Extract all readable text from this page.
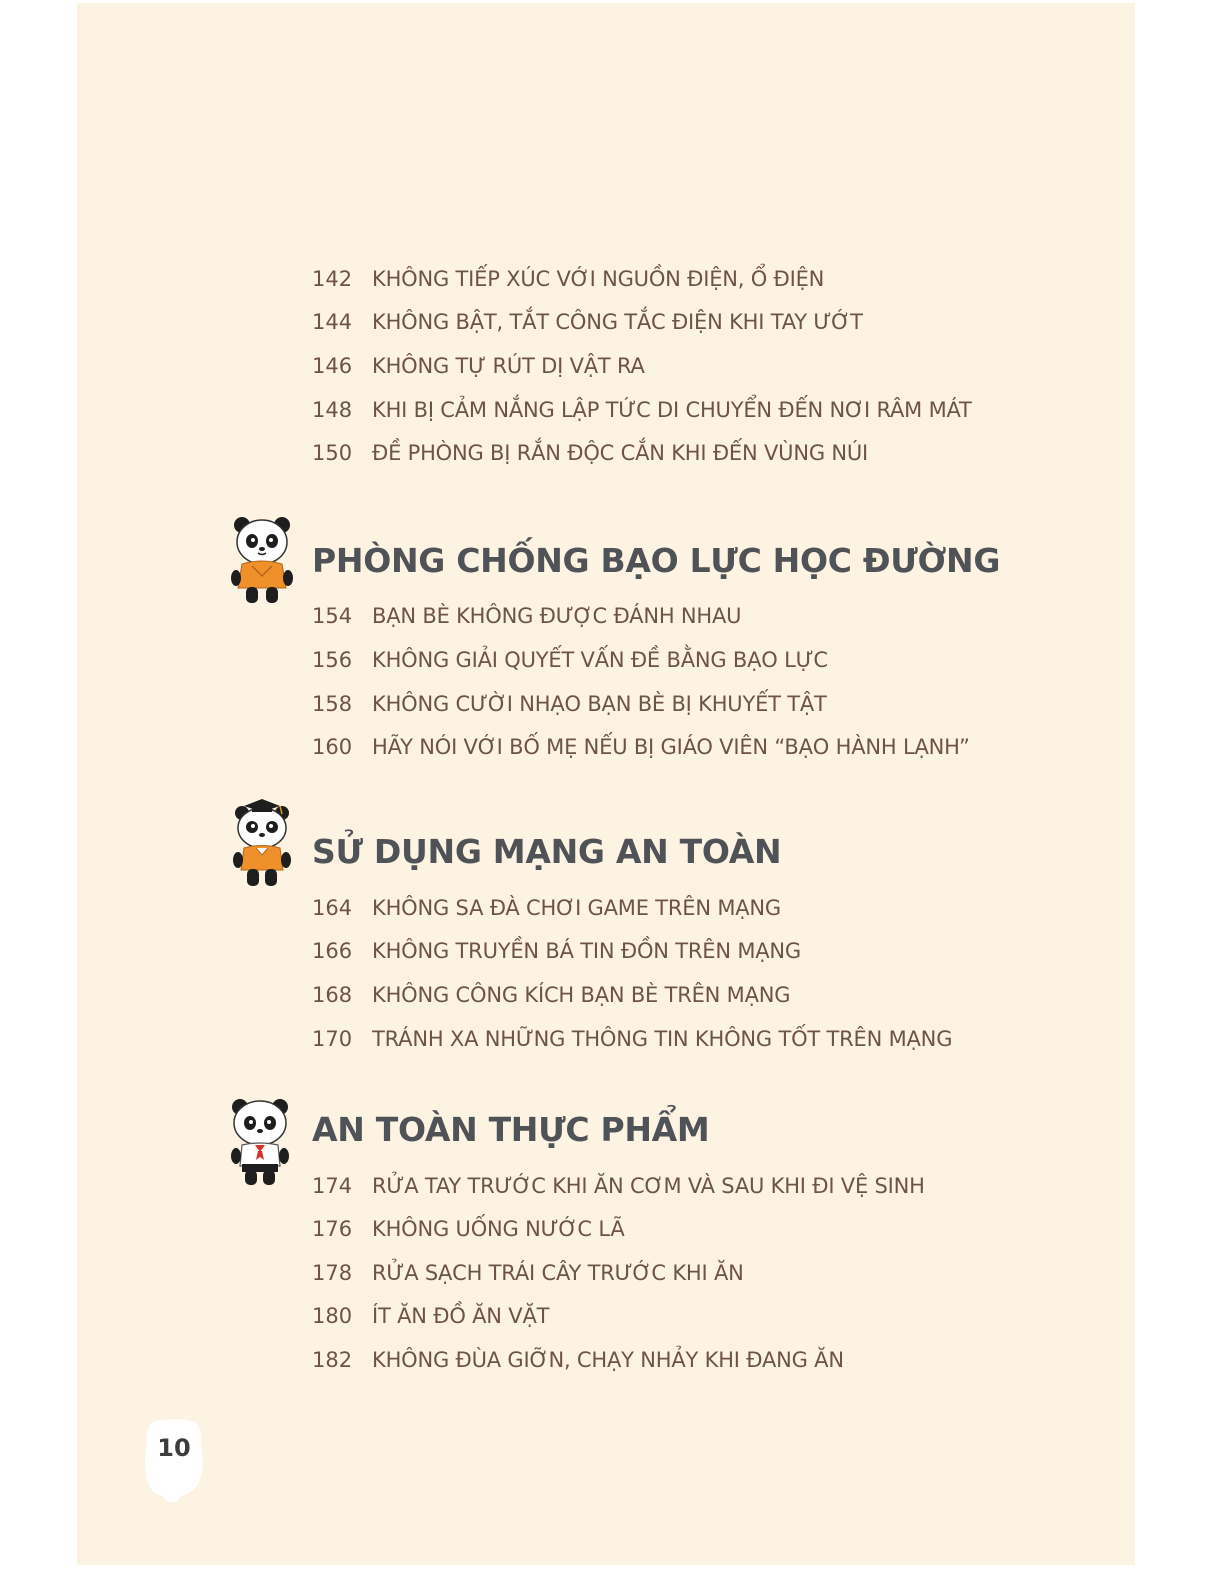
142 KHÔNG TIẾP XÚC VỚI NGUỒN ĐIỆN, Ổ ĐIỆN
144 KHÔNG BẬT, TẮT CÔNG TẮC ĐIỆN KHI TAY ƯỚT
146 KHÔNG TỰ RÚT DỊ VẬT RA
148 KHI BỊ CẢM NẮNG LẬP TỨC DI CHUYỂN ĐẾN NƠI RÂM MÁT
150 ĐỀ PHÒNG BỊ RẮN ĐỘC CẮN KHI ĐẾN VÙNG NÚI
PHÒNG CHỐNG BẠO LỰC HỌC ĐƯỜNG
154 BẠN BÈ KHÔNG ĐƯỢC ĐÁNH NHAU
156 KHÔNG GIẢI QUYẾT VẤN ĐỀ BẰNG BẠO LỰC
158 KHÔNG CƯỜI NHẠO BẠN BÈ BỊ KHUYẾT TẬT
160 HÃY NÓI VỚI BỐ MẸ NẾU BỊ GIÁO VIÊN “BẠO HÀNH LẠNH”
SỬ DỤNG MẠNG AN TOÀN
164 KHÔNG SA ĐÀ CHƠI GAME TRÊN MẠNG
166 KHÔNG TRUYỀN BÁ TIN ĐỒN TRÊN MẠNG
168 KHÔNG CÔNG KÍCH BẠN BÈ TRÊN MẠNG
170 TRÁNH XA NHỮNG THÔNG TIN KHÔNG TỐT TRÊN MẠNG
AN TOÀN THỰC PHẨM
174 RỬA TAY TRƯỚC KHI ĂN CƠM VÀ SAU KHI ĐI VỆ SINH
176 KHÔNG UỐNG NƯỚC LÃ
178 RỬA SẠCH TRÁI CÂY TRƯỚC KHI ĂN
180 ÍT ĂN ĐỒ ĂN VẶT
182 KHÔNG ĐÙA GIỠN, CHẠY NHẢY KHI ĐANG ĂN
10
